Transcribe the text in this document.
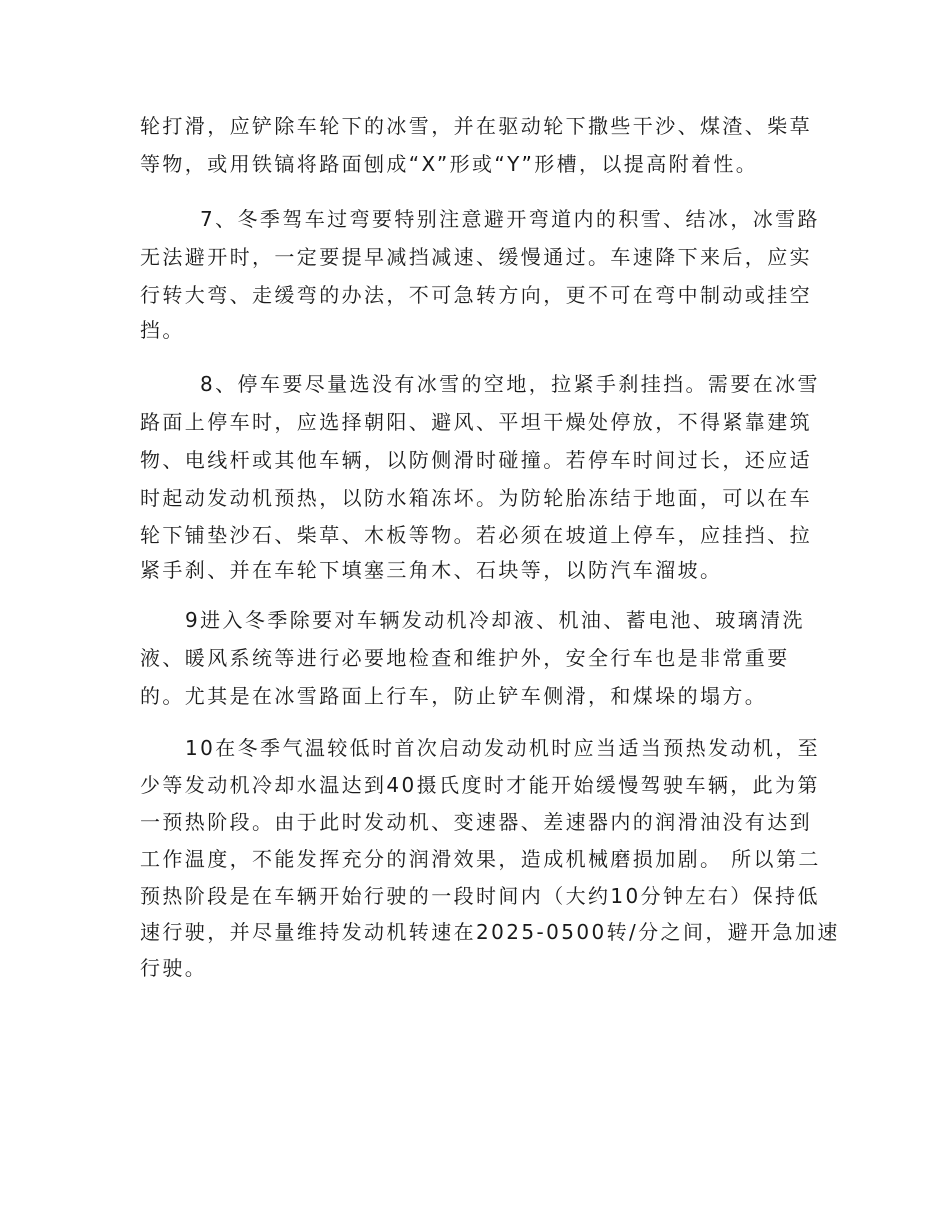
轮打滑，应铲除车轮下的冰雪，并在驱动轮下撒些干沙、煤渣、柴草
等物，或用铁镐将路面刨成“X”形或“Y”形槽，以提高附着性。
7、冬季驾车过弯要特别注意避开弯道内的积雪、结冰，冰雪路
无法避开时，一定要提早减挡减速、缓慢通过。车速降下来后，应实
行转大弯、走缓弯的办法，不可急转方向，更不可在弯中制动或挂空
挡。
8、停车要尽量选没有冰雪的空地，拉紧手刹挂挡。需要在冰雪
路面上停车时，应选择朝阳、避风、平坦干燥处停放，不得紧靠建筑
物、电线杆或其他车辆，以防侧滑时碰撞。若停车时间过长，还应适
时起动发动机预热，以防水箱冻坏。为防轮胎冻结于地面，可以在车
轮下铺垫沙石、柴草、木板等物。若必须在坡道上停车，应挂挡、拉
紧手刹、并在车轮下填塞三角木、石块等，以防汽车溜坡。
9进入冬季除要对车辆发动机冷却液、机油、蓄电池、玻璃清洗
液、暖风系统等进行必要地检查和维护外，安全行车也是非常重要
的。尤其是在冰雪路面上行车，防止铲车侧滑，和煤垛的塌方。
10在冬季气温较低时首次启动发动机时应当适当预热发动机，至
少等发动机冷却水温达到40摄氏度时才能开始缓慢驾驶车辆，此为第
一预热阶段。由于此时发动机、变速器、差速器内的润滑油没有达到
工作温度，不能发挥充分的润滑效果，造成机械磨损加剧。 所以第二
预热阶段是在车辆开始行驶的一段时间内（大约10分钟左右）保持低
速行驶，并尽量维持发动机转速在2025-0500转/分之间，避开急加速
行驶。
